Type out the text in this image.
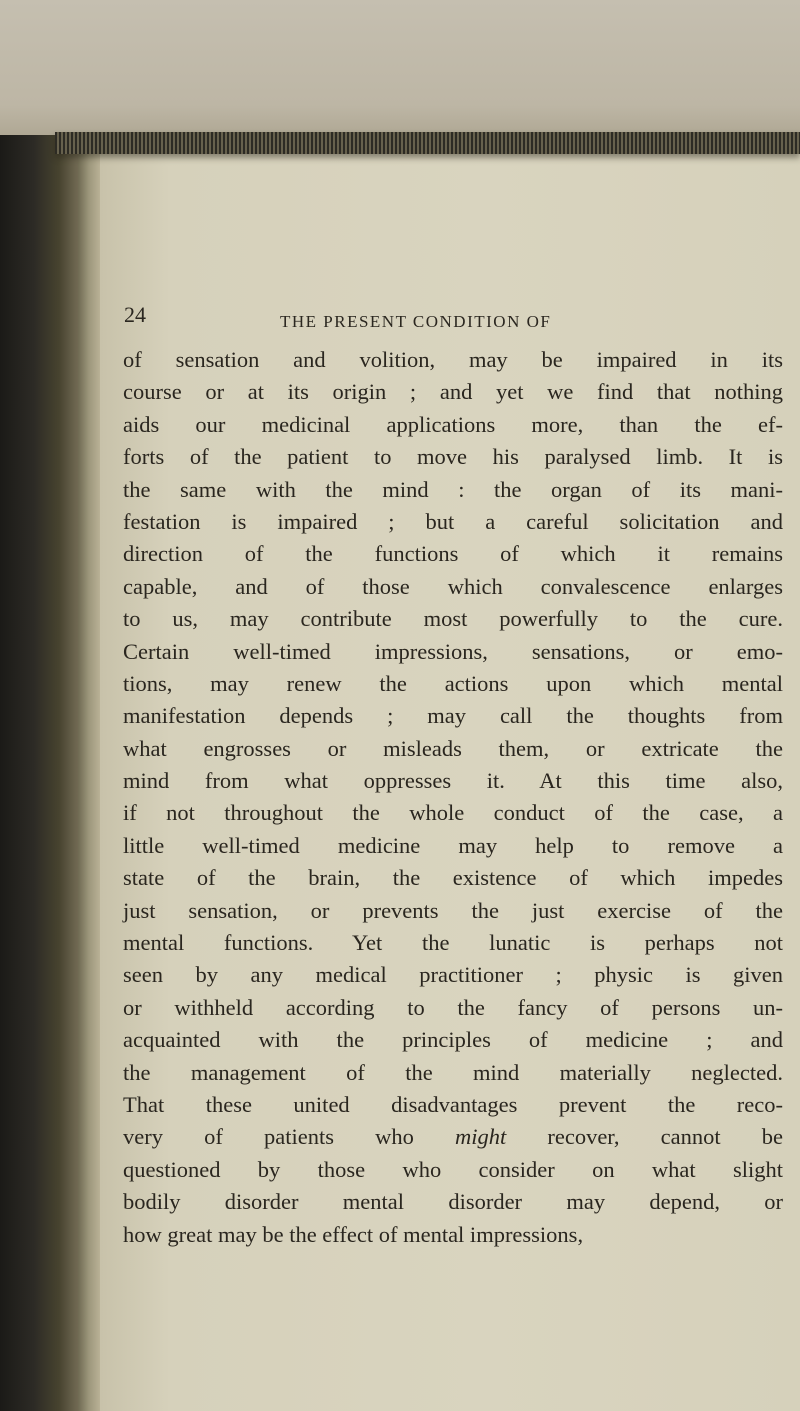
24	THE PRESENT CONDITION OF

of sensation and volition, may be impaired in its
course or at its origin ; and yet we find that nothing
aids our medicinal applications more, than the ef-
forts of the patient to move his paralysed limb. It is
the same with the mind : the organ of its mani-
festation is impaired ; but a careful solicitation and
direction of the functions of which it remains
capable, and of those which convalescence enlarges
to us, may contribute most powerfully to the cure.
Certain well-timed impressions, sensations, or emo-
tions, may renew the actions upon which mental
manifestation depends ; may call the thoughts from
what engrosses or misleads them, or extricate the
mind from what oppresses it. At this time also,
if not throughout the whole conduct of the case, a
little well-timed medicine may help to remove a
state of the brain, the existence of which impedes
just sensation, or prevents the just exercise of the
mental functions. Yet the lunatic is perhaps not
seen by any medical practitioner ; physic is given
or withheld according to the fancy of persons un-
acquainted with the principles of medicine ; and
the management of the mind materially neglected.
That these united disadvantages prevent the reco-
very of patients who might recover, cannot be
questioned by those who consider on what slight
bodily disorder mental disorder may depend, or
how great may be the effect of mental impressions,
